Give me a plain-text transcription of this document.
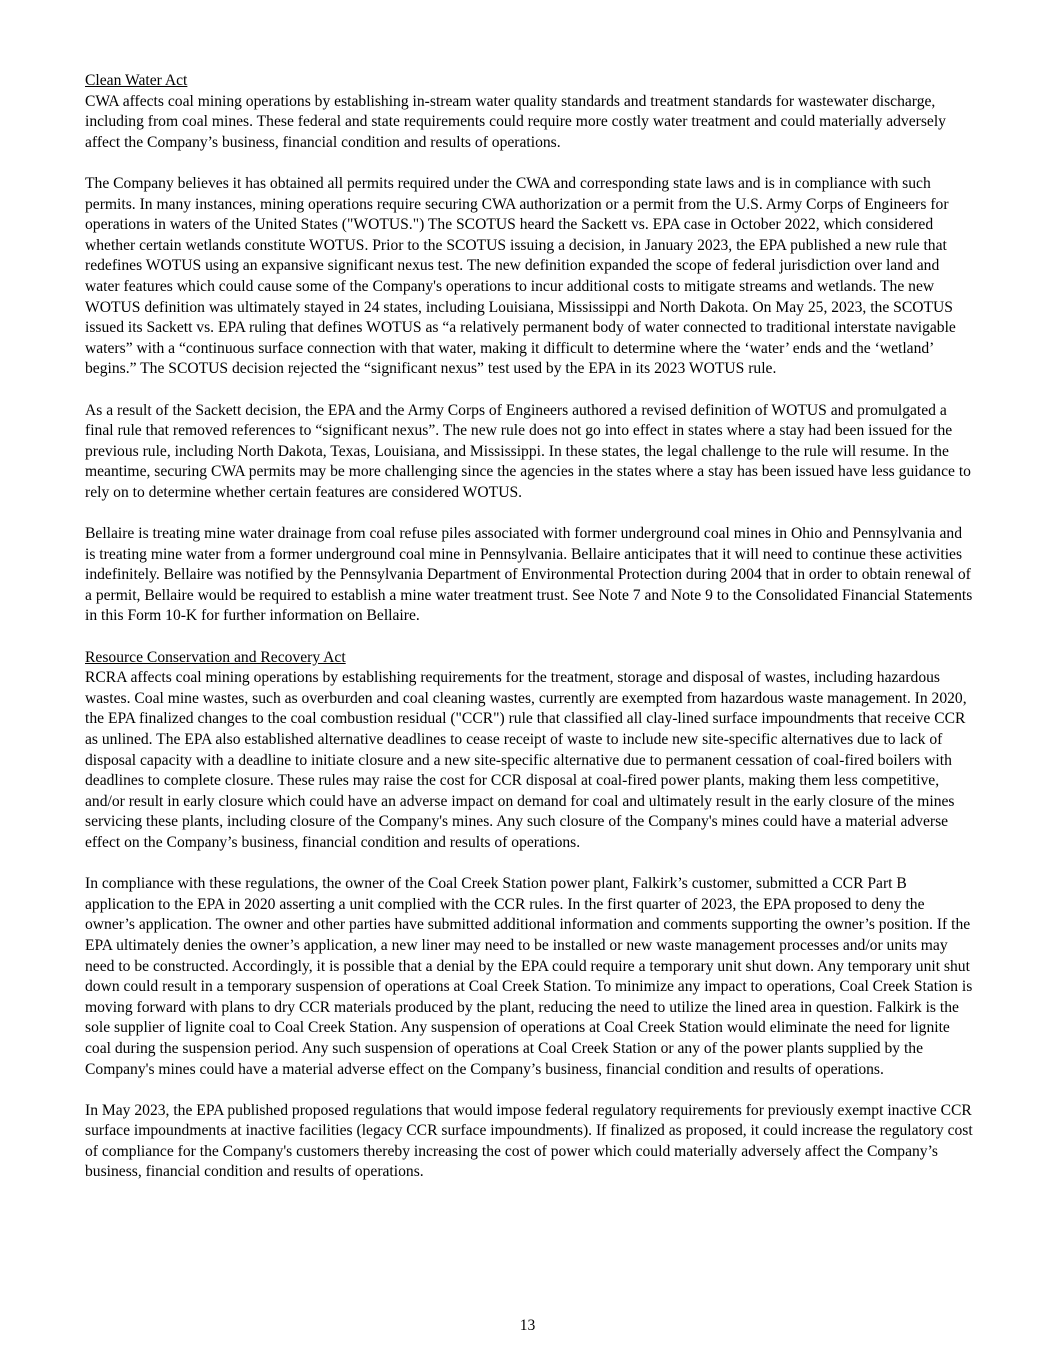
Clean Water Act

CWA affects coal mining operations by establishing in-stream water quality standards and treatment standards for wastewater discharge, including from coal mines. These federal and state requirements could require more costly water treatment and could materially adversely affect the Company’s business, financial condition and results of operations.

The Company believes it has obtained all permits required under the CWA and corresponding state laws and is in compliance with such permits. In many instances, mining operations require securing CWA authorization or a permit from the U.S. Army Corps of Engineers for operations in waters of the United States ("WOTUS.") The SCOTUS heard the Sackett vs. EPA case in October 2022, which considered whether certain wetlands constitute WOTUS. Prior to the SCOTUS issuing a decision, in January 2023, the EPA published a new rule that redefines WOTUS using an expansive significant nexus test. The new definition expanded the scope of federal jurisdiction over land and water features which could cause some of the Company's operations to incur additional costs to mitigate streams and wetlands. The new WOTUS definition was ultimately stayed in 24 states, including Louisiana, Mississippi and North Dakota. On May 25, 2023, the SCOTUS issued its Sackett vs. EPA ruling that defines WOTUS as “a relatively permanent body of water connected to traditional interstate navigable waters” with a “continuous surface connection with that water, making it difficult to determine where the ‘water’ ends and the ‘wetland’ begins.” The SCOTUS decision rejected the “significant nexus” test used by the EPA in its 2023 WOTUS rule.

As a result of the Sackett decision, the EPA and the Army Corps of Engineers authored a revised definition of WOTUS and promulgated a final rule that removed references to “significant nexus”. The new rule does not go into effect in states where a stay had been issued for the previous rule, including North Dakota, Texas, Louisiana, and Mississippi. In these states, the legal challenge to the rule will resume. In the meantime, securing CWA permits may be more challenging since the agencies in the states where a stay has been issued have less guidance to rely on to determine whether certain features are considered WOTUS.

Bellaire is treating mine water drainage from coal refuse piles associated with former underground coal mines in Ohio and Pennsylvania and is treating mine water from a former underground coal mine in Pennsylvania. Bellaire anticipates that it will need to continue these activities indefinitely. Bellaire was notified by the Pennsylvania Department of Environmental Protection during 2004 that in order to obtain renewal of a permit, Bellaire would be required to establish a mine water treatment trust. See Note 7 and Note 9 to the Consolidated Financial Statements in this Form 10-K for further information on Bellaire.

Resource Conservation and Recovery Act

RCRA affects coal mining operations by establishing requirements for the treatment, storage and disposal of wastes, including hazardous wastes. Coal mine wastes, such as overburden and coal cleaning wastes, currently are exempted from hazardous waste management. In 2020, the EPA finalized changes to the coal combustion residual ("CCR") rule that classified all clay-lined surface impoundments that receive CCR as unlined. The EPA also established alternative deadlines to cease receipt of waste to include new site-specific alternatives due to lack of disposal capacity with a deadline to initiate closure and a new site-specific alternative due to permanent cessation of coal-fired boilers with deadlines to complete closure. These rules may raise the cost for CCR disposal at coal-fired power plants, making them less competitive, and/or result in early closure which could have an adverse impact on demand for coal and ultimately result in the early closure of the mines servicing these plants, including closure of the Company's mines. Any such closure of the Company's mines could have a material adverse effect on the Company’s business, financial condition and results of operations.

In compliance with these regulations, the owner of the Coal Creek Station power plant, Falkirk’s customer, submitted a CCR Part B application to the EPA in 2020 asserting a unit complied with the CCR rules. In the first quarter of 2023, the EPA proposed to deny the owner’s application. The owner and other parties have submitted additional information and comments supporting the owner’s position. If the EPA ultimately denies the owner’s application, a new liner may need to be installed or new waste management processes and/or units may need to be constructed. Accordingly, it is possible that a denial by the EPA could require a temporary unit shut down. Any temporary unit shut down could result in a temporary suspension of operations at Coal Creek Station. To minimize any impact to operations, Coal Creek Station is moving forward with plans to dry CCR materials produced by the plant, reducing the need to utilize the lined area in question. Falkirk is the sole supplier of lignite coal to Coal Creek Station. Any suspension of operations at Coal Creek Station would eliminate the need for lignite coal during the suspension period. Any such suspension of operations at Coal Creek Station or any of the power plants supplied by the Company's mines could have a material adverse effect on the Company’s business, financial condition and results of operations.

In May 2023, the EPA published proposed regulations that would impose federal regulatory requirements for previously exempt inactive CCR surface impoundments at inactive facilities (legacy CCR surface impoundments). If finalized as proposed, it could increase the regulatory cost of compliance for the Company's customers thereby increasing the cost of power which could materially adversely affect the Company’s business, financial condition and results of operations.

13
